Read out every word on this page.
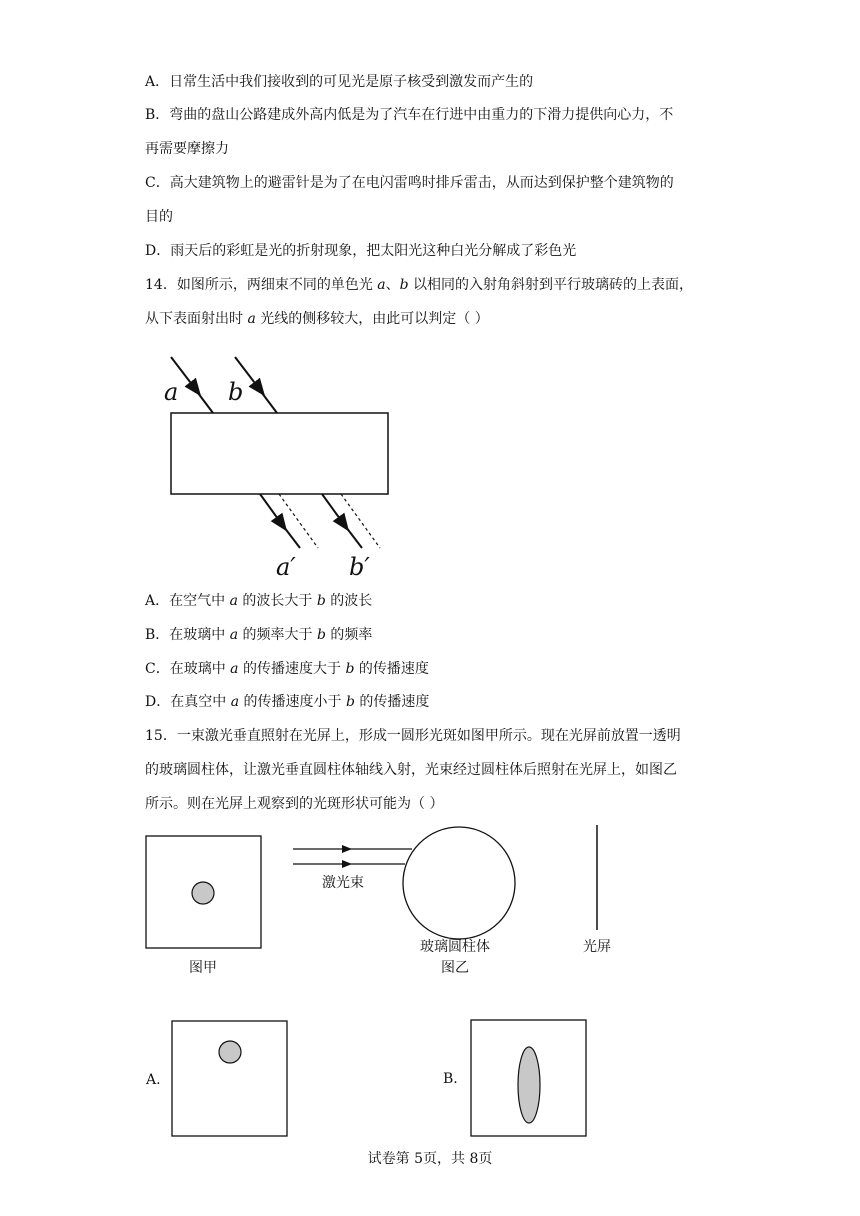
A．日常生活中我们接收到的可见光是原子核受到激发而产生的
B．弯曲的盘山公路建成外高内低是为了汽车在行进中由重力的下滑力提供向心力，不
再需要摩擦力
C．高大建筑物上的避雷针是为了在电闪雷鸣时排斥雷击，从而达到保护整个建筑物的
目的
D．雨天后的彩虹是光的折射现象，把太阳光这种白光分解成了彩色光
14．如图所示，两细束不同的单色光 a、b 以相同的入射角斜射到平行玻璃砖的上表面，
从下表面射出时 a 光线的侧移较大，由此可以判定（ ）
a b
a′ b′
A．在空气中 a 的波长大于 b 的波长
B．在玻璃中 a 的频率大于 b 的频率
C．在玻璃中 a 的传播速度大于 b 的传播速度
D．在真空中 a 的传播速度小于 b 的传播速度
15．一束激光垂直照射在光屏上，形成一圆形光斑如图甲所示。现在光屏前放置一透明
的玻璃圆柱体，让激光垂直圆柱体轴线入射，光束经过圆柱体后照射在光屏上，如图乙
所示。则在光屏上观察到的光斑形状可能为（ ）
图甲
激光束
玻璃圆柱体
图乙
光屏
A.	B.
试卷第 5页，共 8页
